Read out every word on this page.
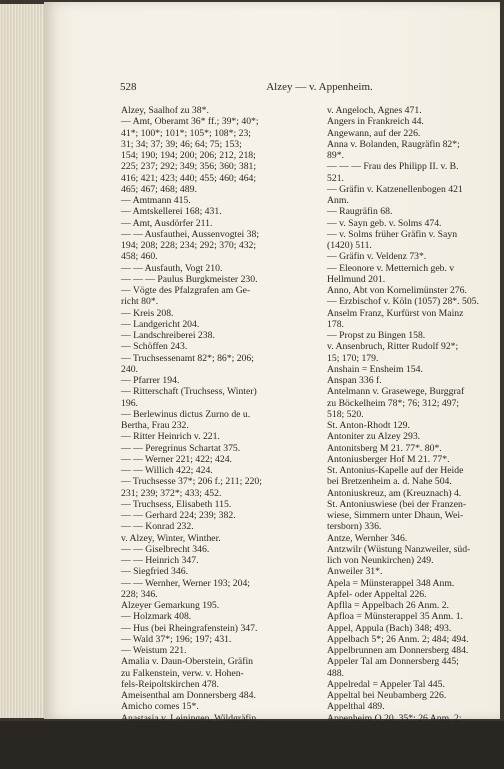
Alzey — v. Appenheim.
528
Alzey, Saalhof zu 38*.
— Amt, Oberamt 36* ff.; 39*; 40*;
41*; 100*; 101*; 105*; 108*; 23;
31; 34; 37; 39; 46; 64; 75; 153;
154; 190; 194; 200; 206; 212, 218;
225; 237; 292; 349; 356; 360; 381;
416; 421; 423; 440; 455; 460; 464;
465; 467; 468; 489.
— Amtmann 415.
— Amtskellerei 168; 431.
— Amt, Ausdörfer 211.
— — Ausfauthei, Aussenvogtei 38;
194; 208; 228; 234; 292; 370; 432;
458; 460.
— — Ausfauth, Vogt 210.
— — — Paulus Burgkmeister 230.
— Vögte des Pfalzgrafen am Ge-
richt 80*.
— Kreis 208.
— Landgericht 204.
— Landschreiberei 238.
— Schöffen 243.
— Truchsessenamt 82*; 86*; 206;
240.
— Pfarrer 194.
— Ritterschaft (Truchsess, Winter)
196.
— Berlewinus dictus Zurno de u.
Bertha, Frau 232.
— Ritter Heinrich v. 221.
— — Peregrinus Schartat 375.
— — Werner 221; 422; 424.
— — Willich 422; 424.
— Truchsesse 37*; 206 f.; 211; 220;
231; 239; 372*; 433; 452.
— Truchsess, Elisabeth 115.
— — Gerhard 224; 239; 382.
— — Konrad 232.
v. Alzey, Winter, Winther.
— — Giselbrecht 346.
— — Heinrich 347.
— Siegfried 346.
— — Wernher, Werner 193; 204;
228; 346.
Alzeyer Gemarkung 195.
— Holzmark 408.
— Hus (bei Rheingrafenstein) 347.
— Wald 37*; 196; 197; 431.
— Weistum 221.
Amalia v. Daun-Oberstein, Gräfin
zu Falkenstein, verw. v. Hohen-
fels-Reipoltskirchen 478.
Ameisenthal am Donnersberg 484.
Amicho comes 15*.
Anastasia v. Leiningen, Wildgräfin,
Witwe 68.
Andegavinsis pagus (Angers) 44.
von Andernach, Ludwig 285.
Andressen, Lorenz, aus Tholey 340.
v. Angeloch, Agnes 471.
Angers in Frankreich 44.
Angewann, auf der 226.
Anna v. Bolanden, Raugräfin 82*;
89*.
— — — Frau des Philipp II. v. B.
521.
— Gräfin v. Katzenellenbogen 421
Anm.
— Raugräfin 68.
— v. Sayn geb. v. Solms 474.
— v. Solms früher Gräfin v. Sayn
(1420) 511.
— Gräfin v. Veldenz 73*.
— Eleonore v. Metternich geb. v
Hellmund 201.
Anno, Abt von Kornelimünster 276.
— Erzbischof v. Köln (1057) 28*. 505.
Anselm Franz, Kurfürst von Mainz
178.
— Propst zu Bingen 158.
v. Ansenbruch, Ritter Rudolf 92*;
15; 170; 179.
Anshain = Ensheim 154.
Anspan 336 f.
Antelmann v. Grasewege, Burggraf
zu Böckelheim 78*; 76; 312; 497;
518; 520.
St. Anton-Rhodt 129.
Antoniter zu Alzey 293.
Antonitsberg M 21. 77*. 80*.
Antoniusberger Hof M 21. 77*.
St. Antonius-Kapelle auf der Heide
bei Bretzenheim a. d. Nahe 504.
Antoniuskreuz, am (Kreuznach) 4.
St. Antoniuswiese (bei der Franzen-
wiese, Simmern unter Dhaun, Wei-
tersborn) 336.
Antze, Wernher 346.
Antzwilr (Wüstung Nanzweiler, süd-
lich von Neunkirchen) 249.
Anweiler 31*.
Apela = Münsterappel 348 Anm.
Apfel- oder Appeltal 226.
Apflla = Appelbach 26 Anm. 2.
Apfloa = Münsterappel 35 Anm. 1.
Appel, Appula (Bach) 348; 493.
Appelbach 5*; 26 Anm. 2; 484; 494.
Appelbrunnen am Donnersberg 484.
Appeler Tal am Donnersberg 445;
488.
Appelredal = Appeler Tal 445.
Appeltal bei Neubamberg 226.
Appelthal 489.
Appenheim O 20. 35*; 26 Anm. 2;
154; 162; 166; 244.
v. Appenheim, Peter u. Jakob 425
Anm.
v. Appenheim, Werner 211; 432.
